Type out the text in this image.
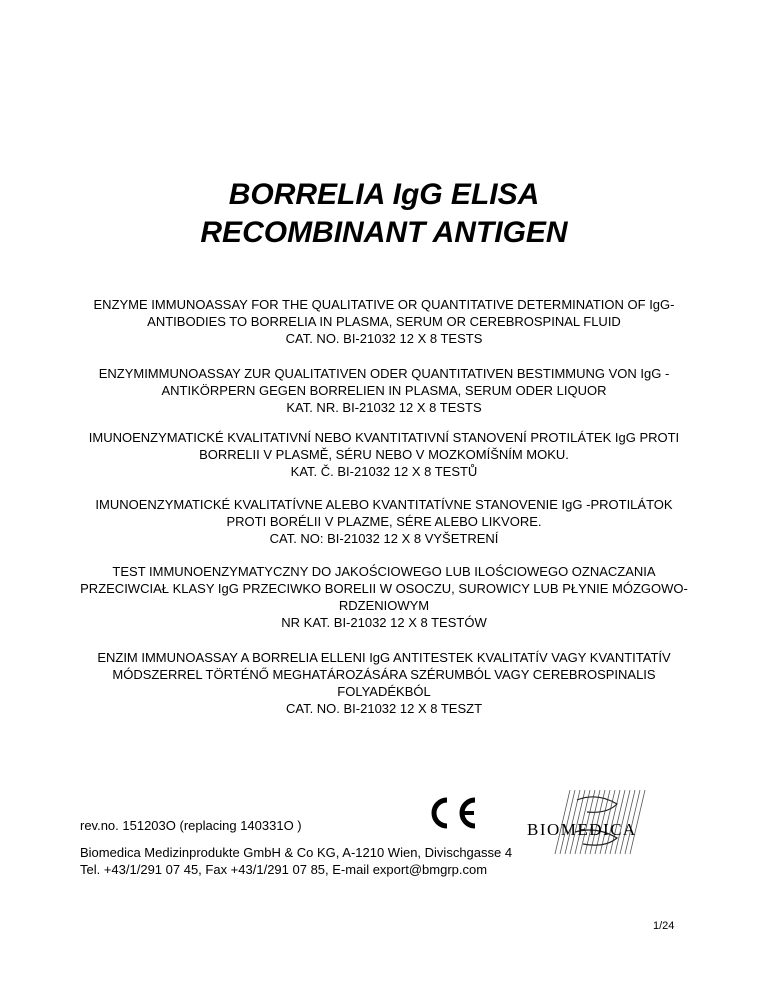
BORRELIA IgG ELISA
RECOMBINANT ANTIGEN
ENZYME IMMUNOASSAY FOR THE QUALITATIVE OR QUANTITATIVE DETERMINATION OF IgG-
ANTIBODIES TO BORRELIA IN PLASMA, SERUM OR CEREBROSPINAL FLUID
CAT. NO. BI-21032 12 X 8 TESTS
ENZYMIMMUNOASSAY ZUR QUALITATIVEN ODER QUANTITATIVEN BESTIMMUNG VON IgG -
ANTIKÖRPERN GEGEN BORRELIEN IN PLASMA, SERUM ODER LIQUOR
KAT. NR. BI-21032 12 X 8 TESTS
IMUNOENZYMATICKÉ KVALITATIVNÍ NEBO KVANTITATIVNÍ STANOVENÍ PROTILÁTEK IgG PROTI
BORRELII V PLASMĚ, SÉRU NEBO V MOZKOMÍŠNÍM MOKU.
KAT. Č. BI-21032 12 X 8 TESTŮ
IMUNOENZYMATICKÉ KVALITATÍVNE ALEBO KVANTITATÍVNE STANOVENIE IgG -PROTILÁTOK
PROTI BORÉLII V PLAZME, SÉRE ALEBO LIKVORE.
CAT. NO: BI-21032 12 X 8 VYŠETRENÍ
TEST IMMUNOENZYMATYCZNY DO JAKOŚCIOWEGO LUB ILOŚCIOWEGO OZNACZANIA
PRZECIWCIAŁ KLASY IgG PRZECIWKO BORELII W OSOCZU, SUROWICY LUB PŁYNIE MÓZGOWO-
RDZENIOWYM
NR KAT. BI-21032 12 X 8 TESTÓW
ENZIM IMMUNOASSAY A BORRELIA ELLENI IgG ANTITESTEK KVALITATÍV VAGY KVANTITATÍV
MÓDSZERREL TÖRTÉNŐ MEGHATÁROZÁSÁRA SZÉRUMBÓL VAGY CEREBROSPINALIS
FOLYADÉKBÓL
CAT. NO. BI-21032 12 X 8 TESZT
BIOMEDICA
rev.no. 151203O (replacing 140331O )
Biomedica Medizinprodukte GmbH & Co KG, A-1210 Wien, Divischgasse 4
Tel. +43/1/291 07 45, Fax +43/1/291 07 85, E-mail export@bmgrp.com
1/24
